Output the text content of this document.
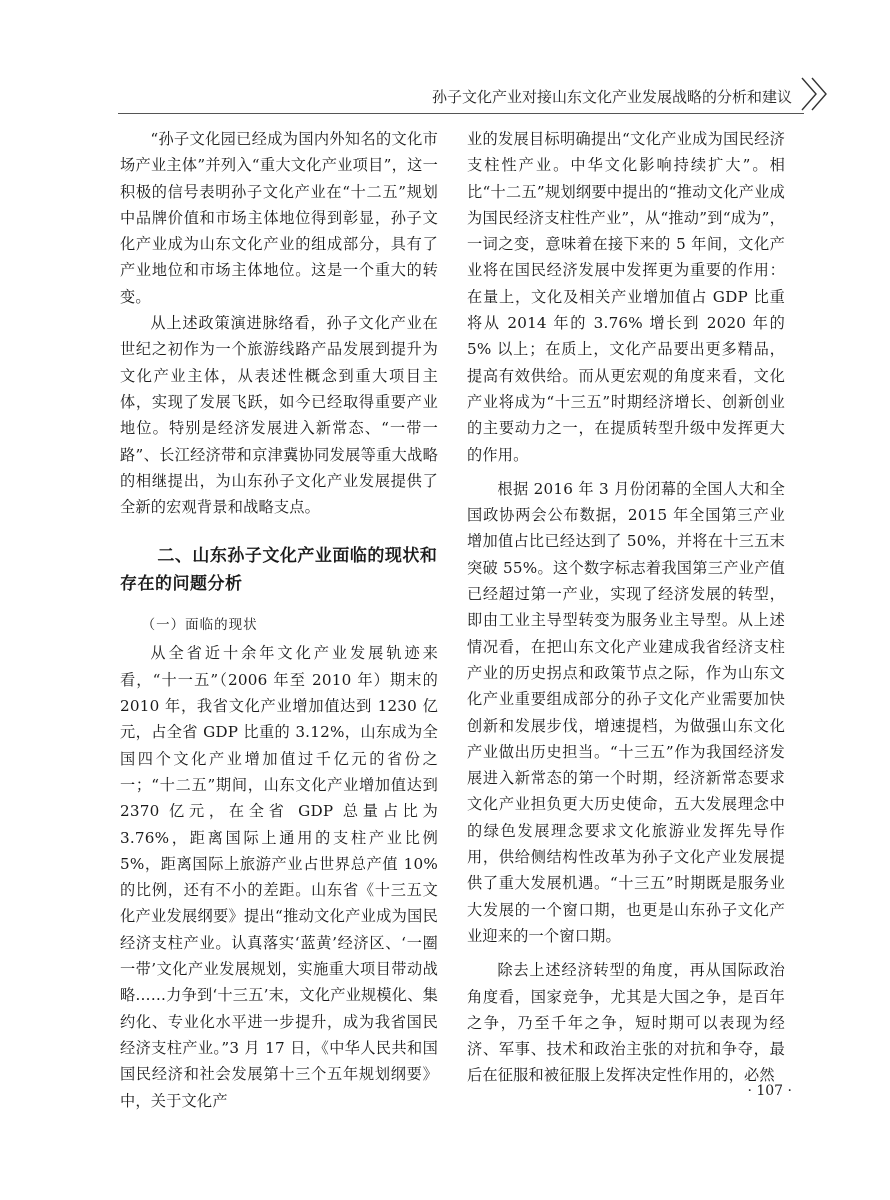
孙子文化产业对接山东文化产业发展战略的分析和建议

“孙子文化园已经成为国内外知名的文化市场产业主体”并列入“重大文化产业项目”，这一积极的信号表明孙子文化产业在“十二五”规划中品牌价值和市场主体地位得到彰显，孙子文化产业成为山东文化产业的组成部分，具有了产业地位和市场主体地位。这是一个重大的转变。

从上述政策演进脉络看，孙子文化产业在世纪之初作为一个旅游线路产品发展到提升为文化产业主体，从表述性概念到重大项目主体，实现了发展飞跃，如今已经取得重要产业地位。特别是经济发展进入新常态、“一带一路”、长江经济带和京津冀协同发展等重大战略的相继提出，为山东孙子文化产业发展提供了全新的宏观背景和战略支点。

二、山东孙子文化产业面临的现状和存在的问题分析
（一）面临的现状

从全省近十余年文化产业发展轨迹来看，“十一五”（2006 年至 2010 年）期末的 2010 年，我省文化产业增加值达到 1230 亿元，占全省 GDP 比重的 3.12%，山东成为全国四个文化产业增加值过千亿元的省份之一；“十二五”期间，山东文化产业增加值达到 2370 亿元，在全省 GDP 总量占比为 3.76%，距离国际上通用的支柱产业比例 5%，距离国际上旅游产业占世界总产值 10% 的比例，还有不小的差距。山东省《十三五文化产业发展纲要》提出“推动文化产业成为国民经济支柱产业。认真落实‘蓝黄’经济区、‘一圈一带’文化产业发展规划，实施重大项目带动战略……力争到‘十三五’末，文化产业规模化、集约化、专业化水平进一步提升，成为我省国民经济支柱产业。”3 月 17 日，《中华人民共和国国民经济和社会发展第十三个五年规划纲要》中，关于文化产

业的发展目标明确提出“文化产业成为国民经济支柱性产业。中华文化影响持续扩大”。相比“十二五”规划纲要中提出的“推动文化产业成为国民经济支柱性产业”，从“推动”到“成为”，一词之变，意味着在接下来的 5 年间，文化产业将在国民经济发展中发挥更为重要的作用：在量上，文化及相关产业增加值占 GDP 比重将从 2014 年的 3.76% 增长到 2020 年的 5% 以上；在质上，文化产品要出更多精品，提高有效供给。而从更宏观的角度来看，文化产业将成为“十三五”时期经济增长、创新创业的主要动力之一，在提质转型升级中发挥更大的作用。

根据 2016 年 3 月份闭幕的全国人大和全国政协两会公布数据，2015 年全国第三产业增加值占比已经达到了 50%，并将在十三五末突破 55%。这个数字标志着我国第三产业产值已经超过第一产业，实现了经济发展的转型，即由工业主导型转变为服务业主导型。从上述情况看，在把山东文化产业建成我省经济支柱产业的历史拐点和政策节点之际，作为山东文化产业重要组成部分的孙子文化产业需要加快创新和发展步伐，增速提档，为做强山东文化产业做出历史担当。“十三五”作为我国经济发展进入新常态的第一个时期，经济新常态要求文化产业担负更大历史使命，五大发展理念中的绿色发展理念要求文化旅游业发挥先导作用，供给侧结构性改革为孙子文化产业发展提供了重大发展机遇。“十三五”时期既是服务业大发展的一个窗口期，也更是山东孙子文化产业迎来的一个窗口期。

除去上述经济转型的角度，再从国际政治角度看，国家竞争，尤其是大国之争，是百年之争，乃至千年之争，短时期可以表现为经济、军事、技术和政治主张的对抗和争夺，最后在征服和被征服上发挥决定性作用的，必然

· 107 ·
